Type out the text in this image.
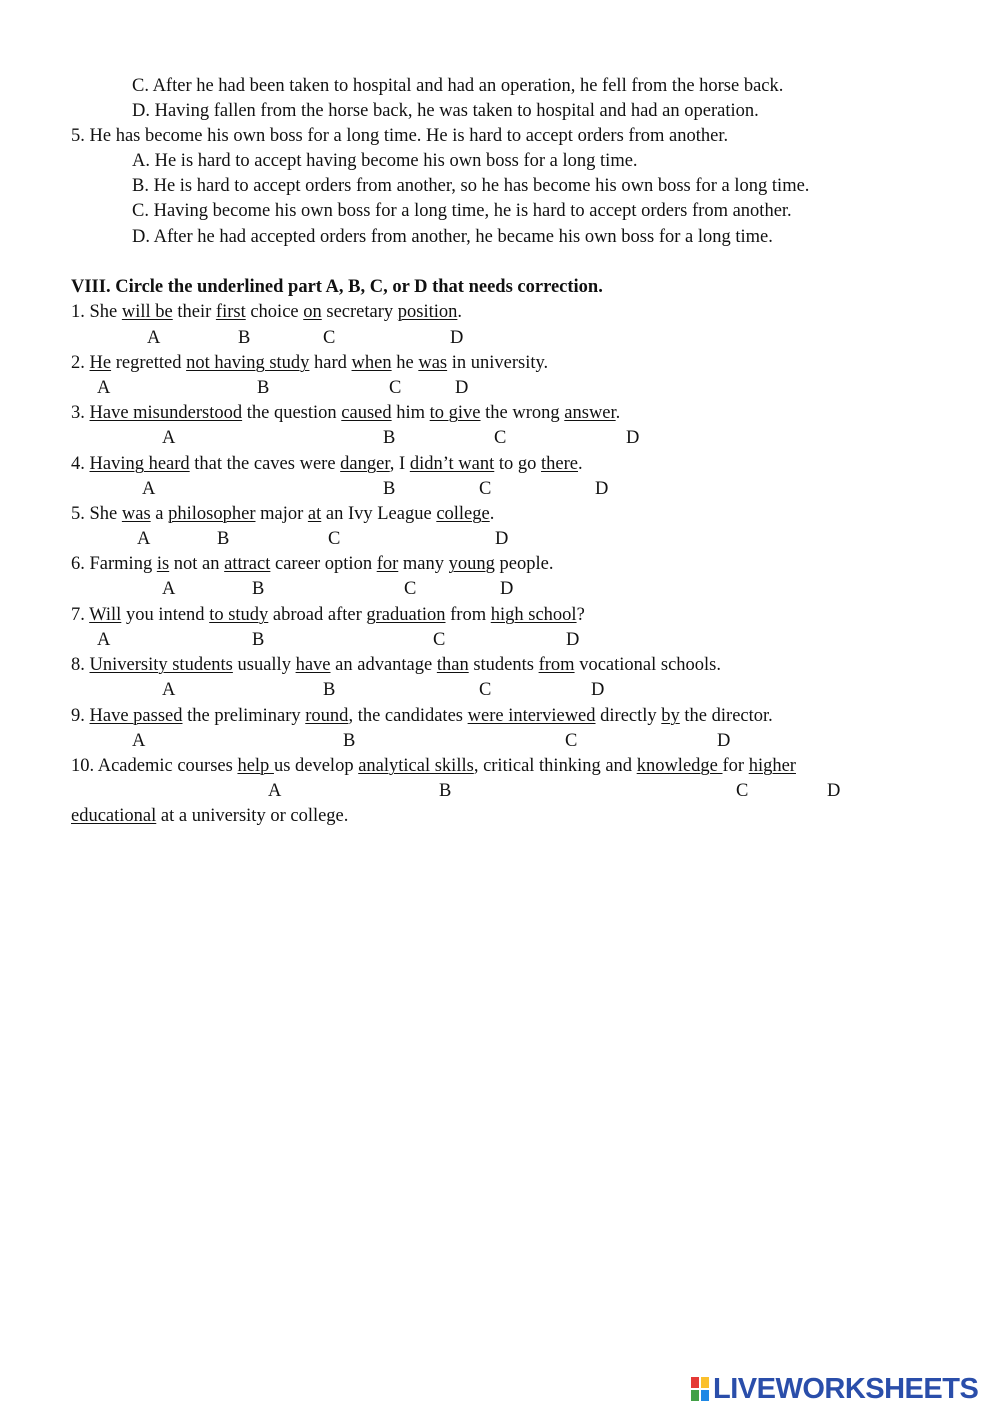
C. After he had been taken to hospital and had an operation, he fell from the horse back.
D. Having fallen from the horse back, he was taken to hospital and had an operation.
5. He has become his own boss for a long time. He is hard to accept orders from another.
A. He is hard to accept having become his own boss for a long time.
B. He is hard to accept orders from another, so he has become his own boss for a long time.
C. Having become his own boss for a long time, he is hard to accept orders from another.
D. After he had accepted orders from another, he became his own boss for a long time.
VIII. Circle the underlined part A, B, C, or D that needs correction.
1. She will be their first choice on secretary position.
A	B	C	D
2. He regretted not having study hard when he was in university.
A	B	C	D
3. Have misunderstood the question caused him to give the wrong answer.
A	B	C	D
4. Having heard that the caves were danger, I didn’t want to go there.
A	B	C	D
5. She was a philosopher major at an Ivy League college.
A	B	C	D
6. Farming is not an attract career option for many young people.
A	B	C	D
7. Will you intend to study abroad after graduation from high school?
A	B	C	D
8. University students usually have an advantage than students from vocational schools.
A	B	C	D
9. Have passed the preliminary round, the candidates were interviewed directly by the director.
A	B	C	D
10. Academic courses help us develop analytical skills, critical thinking and knowledge for higher
A	B	C	D
educational at a university or college.
LIVEWORKSHEETS
